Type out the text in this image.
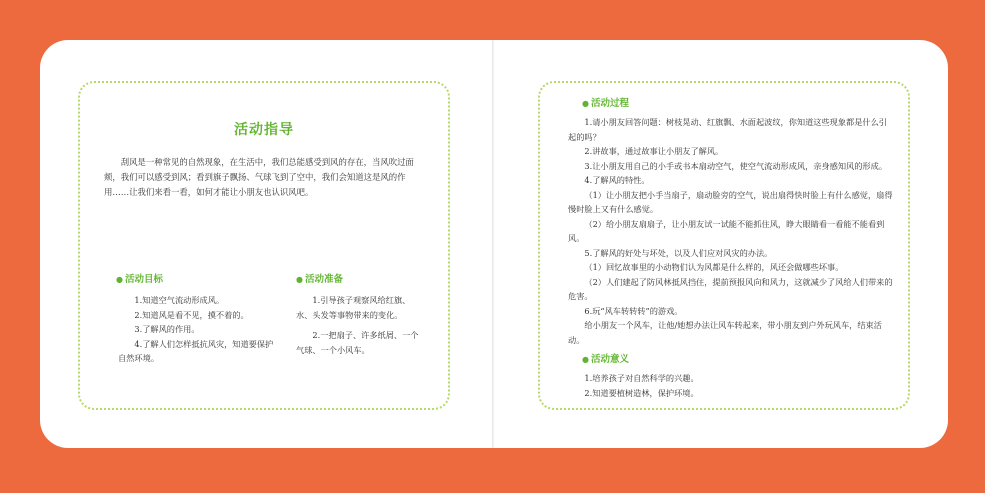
活动指导
刮风是一种常见的自然现象，在生活中，我们总能感受到风的存在，当风吹过面颊，我们可以感受到风；看到旗子飘扬、气球飞到了空中，我们会知道这是风的作用……让我们来看一看，如何才能让小朋友也认识风吧。
● 活动目标

1.知道空气流动形成风。

2.知道风是看不见，摸不着的。

3.了解风的作用。

4.了解人们怎样抵抗风灾，知道要保护自然环境。

● 活动准备

1.引导孩子观察风给红旗、水、头发等事物带来的变化。

2.一把扇子、许多纸屑、一个气球、一个小风车。

● 活动过程

1.请小朋友回答问题：树枝晃动、红旗飘、水面起波纹，你知道这些现象都是什么引起的吗？

2.讲故事，通过故事让小朋友了解风。

3.让小朋友用自己的小手或书本扇动空气，使空气流动形成风，亲身感知风的形成。

4.了解风的特性。

（1）让小朋友把小手当扇子，扇动脸旁的空气，说出扇得快时脸上有什么感觉，扇得慢时脸上又有什么感觉。

（2）给小朋友扇扇子，让小朋友试一试能不能抓住风，睁大眼睛看一看能不能看到风。

5.了解风的好处与坏处，以及人们应对风灾的办法。

（1）回忆故事里的小动物们认为风都是什么样的，风还会做哪些坏事。

（2）人们建起了防风林抵风挡住，提前预报风向和风力，这就减少了风给人们带来的危害。

6.玩“风车转转转”的游戏。

给小朋友一个风车，让他/她想办法让风车转起来，带小朋友到户外玩风车，结束活动。

● 活动意义

1.培养孩子对自然科学的兴趣。

2.知道要植树造林，保护环境。
